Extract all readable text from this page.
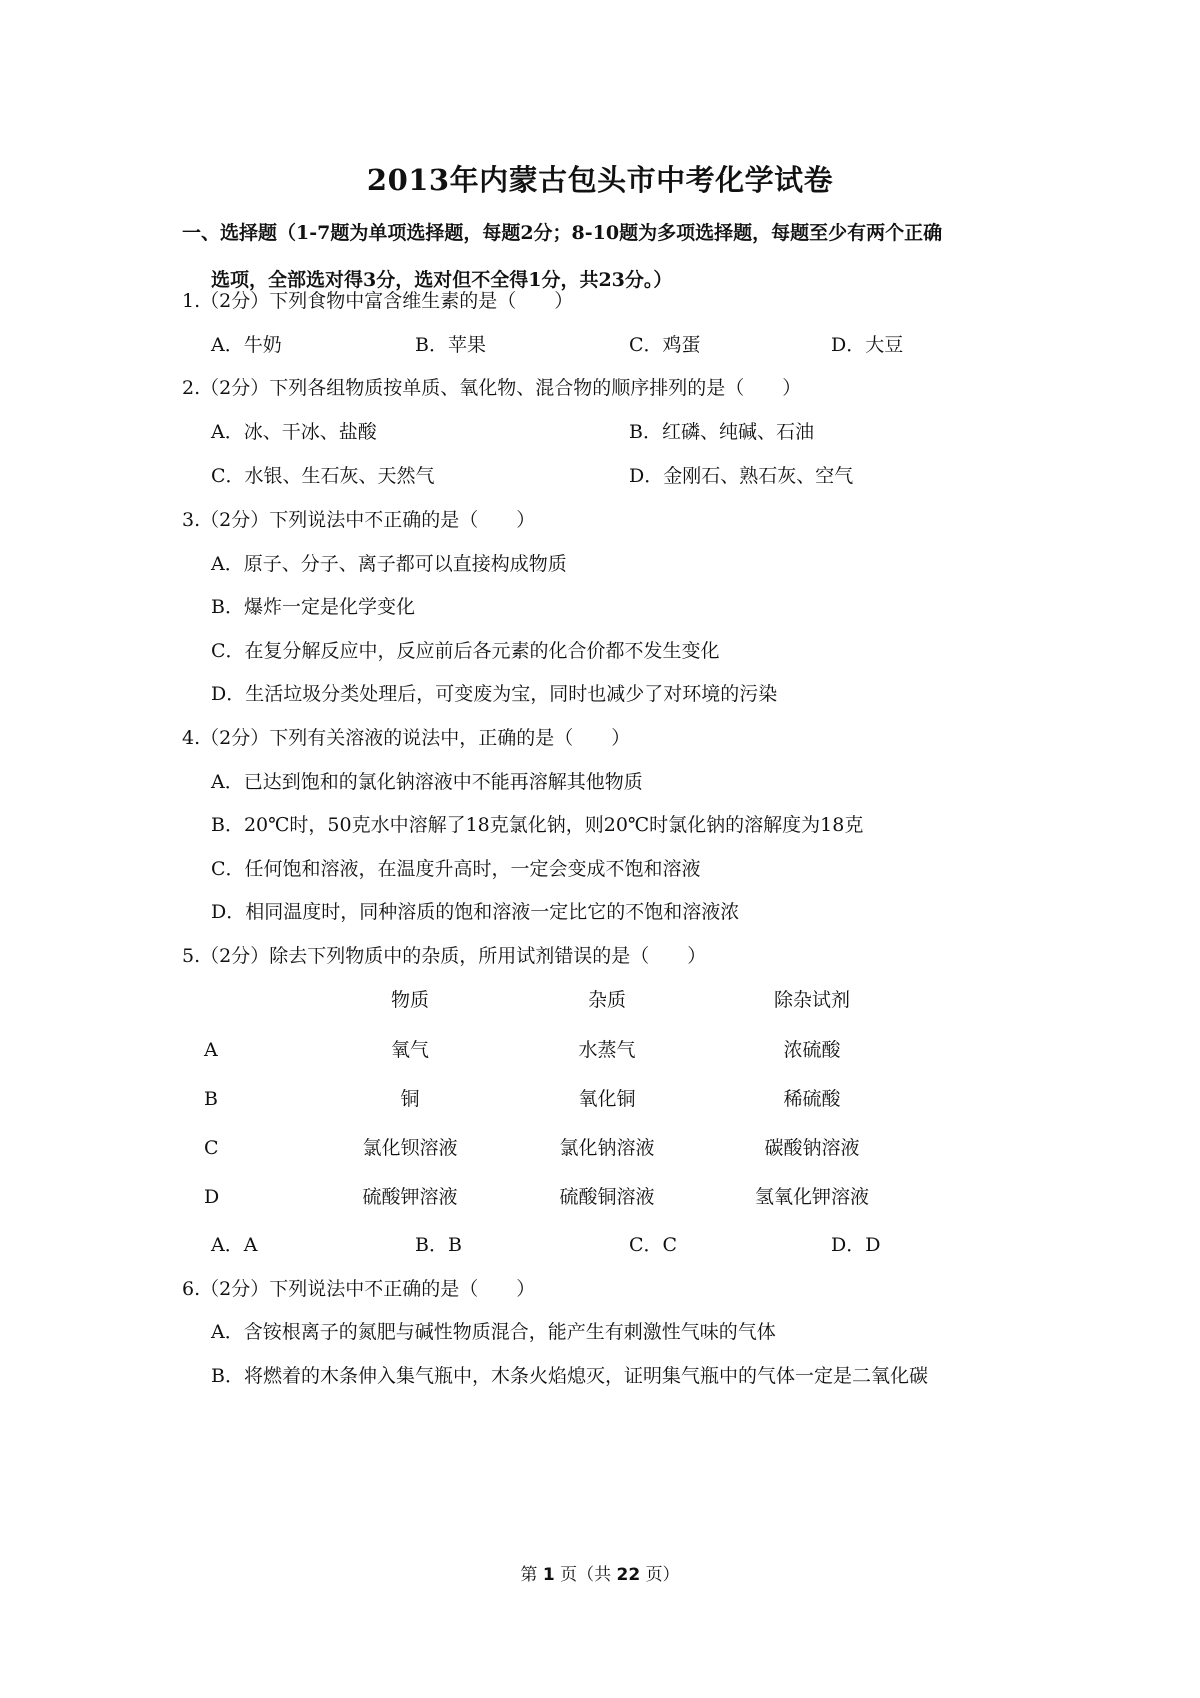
2013年内蒙古包头市中考化学试卷
一、选择题（1-7题为单项选择题，每题2分；8-10题为多项选择题，每题至少有两个正确
选项，全部选对得3分，选对但不全得1分，共23分。）
1.（2分）下列食物中富含维生素的是（　　）
A．牛奶	B．苹果	C．鸡蛋	D．大豆
2.（2分）下列各组物质按单质、氧化物、混合物的顺序排列的是（　　）
A．冰、干冰、盐酸	B．红磷、纯碱、石油
C．水银、生石灰、天然气	D．金刚石、熟石灰、空气
3.（2分）下列说法中不正确的是（　　）
A．原子、分子、离子都可以直接构成物质
B．爆炸一定是化学变化
C．在复分解反应中，反应前后各元素的化合价都不发生变化
D．生活垃圾分类处理后，可变废为宝，同时也减少了对环境的污染
4.（2分）下列有关溶液的说法中，正确的是（　　）
A．已达到饱和的氯化钠溶液中不能再溶解其他物质
B．20℃时，50克水中溶解了18克氯化钠，则20℃时氯化钠的溶解度为18克
C．任何饱和溶液，在温度升高时，一定会变成不饱和溶液
D．相同温度时，同种溶质的饱和溶液一定比它的不饱和溶液浓
5.（2分）除去下列物质中的杂质，所用试剂错误的是（　　）
物质	杂质	除杂试剂
A	氧气	水蒸气	浓硫酸
B	铜	氧化铜	稀硫酸
C	氯化钡溶液	氯化钠溶液	碳酸钠溶液
D	硫酸钾溶液	硫酸铜溶液	氢氧化钾溶液
A．A	B．B	C．C	D．D
6.（2分）下列说法中不正确的是（　　）
A．含铵根离子的氮肥与碱性物质混合，能产生有刺激性气味的气体
B．将燃着的木条伸入集气瓶中，木条火焰熄灭，证明集气瓶中的气体一定是二氧化碳
第 1 页（共 22 页）
